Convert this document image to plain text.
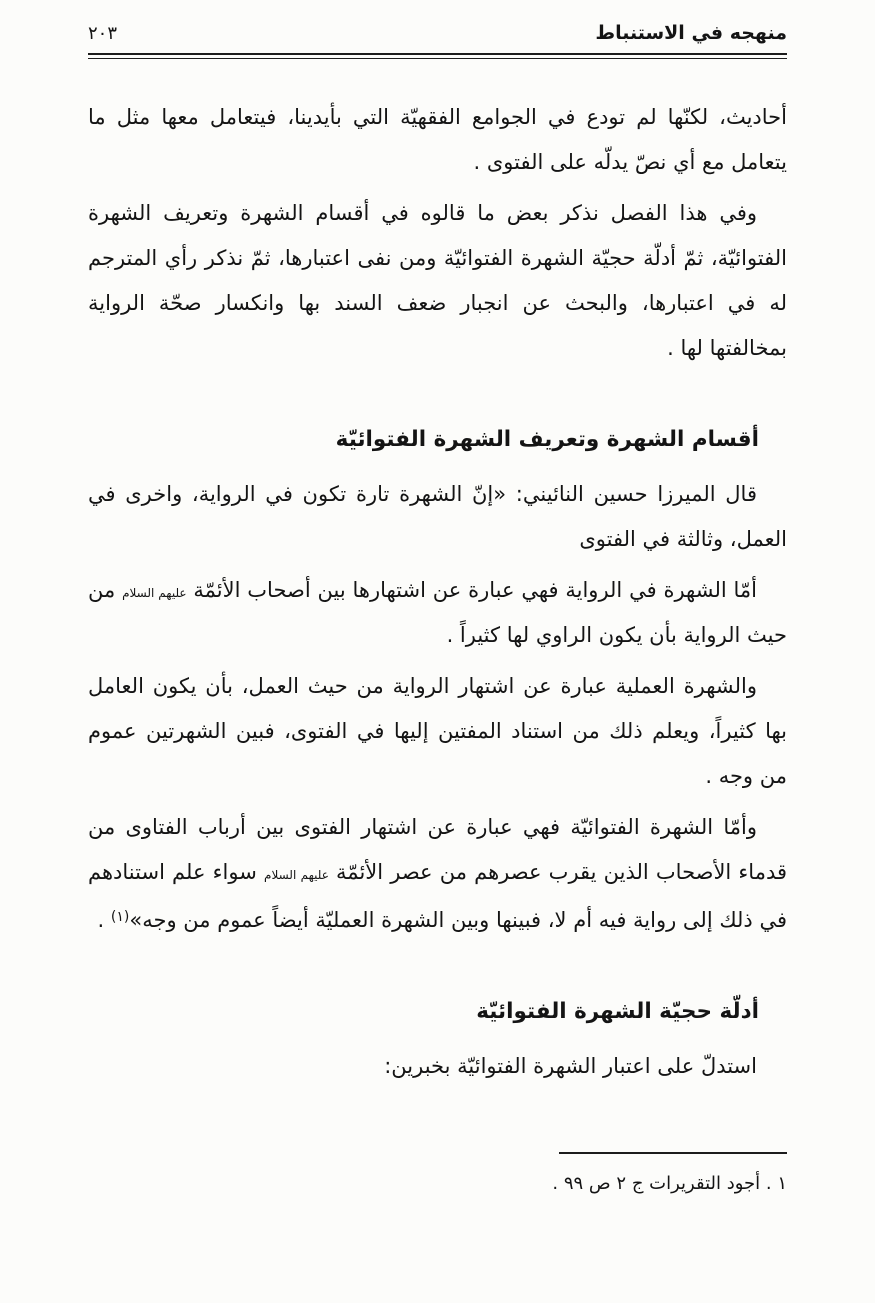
منهجه في الاستنباط
٢٠٣

أحاديث، لكنّها لم تودع في الجوامع الفقهيّة التي بأيدينا، فيتعامل معها مثل ما يتعامل مع أي نصّ يدلّه على الفتوى .

وفي هذا الفصل نذكر بعض ما قالوه في أقسام الشهرة وتعريف الشهرة الفتوائيّة، ثمّ أدلّة حجيّة الشهرة الفتوائيّة ومن نفى اعتبارها، ثمّ نذكر رأي المترجم له في اعتبارها، والبحث عن انجبار ضعف السند بها وانكسار صحّة الرواية بمخالفتها لها .

أقسام الشهرة وتعريف الشهرة الفتوائيّة

قال الميرزا حسين النائيني: «إنّ الشهرة تارة تكون في الرواية، واخرى في العمل، وثالثة في الفتوى

أمّا الشهرة في الرواية فهي عبارة عن اشتهارها بين أصحاب الأئمّة عليهم السلام من حيث الرواية بأن يكون الراوي لها كثيراً .

والشهرة العملية عبارة عن اشتهار الرواية من حيث العمل، بأن يكون العامل بها كثيراً، ويعلم ذلك من استناد المفتين إليها في الفتوى، فبين الشهرتين عموم من وجه .

وأمّا الشهرة الفتوائيّة فهي عبارة عن اشتهار الفتوى بين أرباب الفتاوى من قدماء الأصحاب الذين يقرب عصرهم من عصر الأئمّة عليهم السلام سواء علم استنادهم في ذلك إلى رواية فيه أم لا، فبينها وبين الشهرة العمليّة أيضاً عموم من وجه»$^{(١)}$ .

أدلّة حجيّة الشهرة الفتوائيّة

استدلّ على اعتبار الشهرة الفتوائيّة بخبرين:

١ . أجود التقريرات ج ٢ ص ٩٩ .
